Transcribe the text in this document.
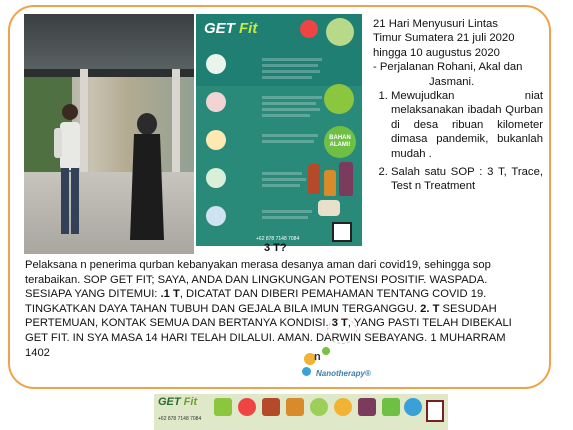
GET Fit
BAHAN ALAMI!
+62 878 7148 7084

21 Hari Menyusuri Lintas

Timur Sumatera 21 juli 2020

hingga 10 augustus 2020

- Perjalanan Rohani, Akal dan

Jasmani.

1. Mewujudkan niat melaksanakan ibadah Qurban di desa ribuan kilometer dimasa pandemik, bukanlah mudah .
2. Salah satu SOP : 3 T, Trace, Test n Treatment
3 T?

Pelaksana n penerima qurban kebanyakan merasa desanya aman dari covid19, sehingga sop terabaikan. SOP GET FIT; SAYA, ANDA DAN LINGKUNGAN POTENSI POSITIF. WASPADA. SESIAPA YANG DITEMUI: .1 T, DICATAT DAN DIBERI PEMAHAMAN TENTANG COVID 19. TINGKATKAN DAYA TAHAN TUBUH DAN GEJALA BILA IMUN TERGANGGU. 2. T SESUDAH PERTEMUAN, KONTAK SEMUA DAN BERTANYA KONDISI. 3 T, YANG PASTI TELAH DIBEKALI GET FIT. IN SYA MASA 14 HARI TELAH DILALUI. AMAN. DARWIN SEBAYANG. 1 MUHARRAM 1402	n
Nanotherapy®
GET Fit
+62 878 7148 7084
